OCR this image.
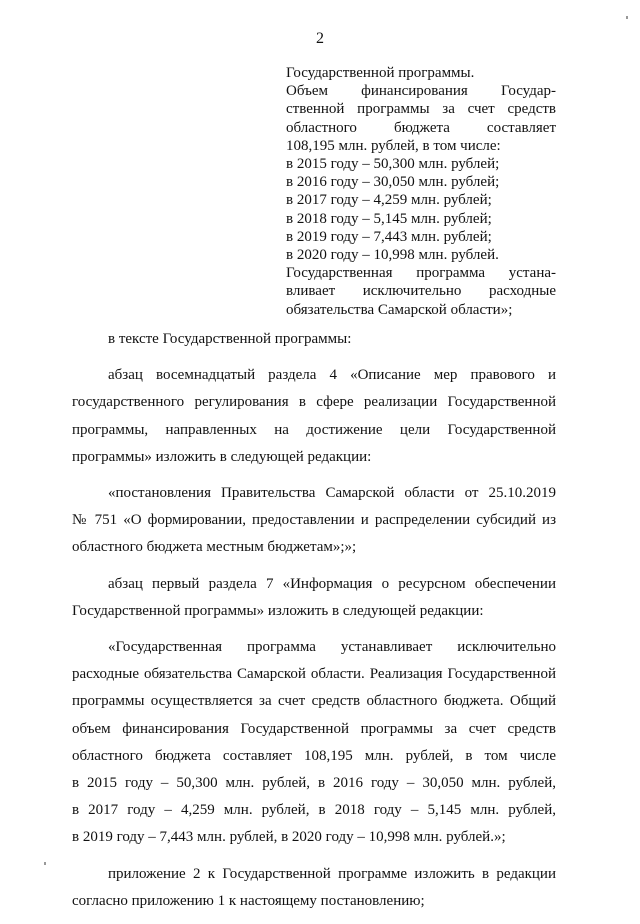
2
Государственной программы.
Объем финансирования Государ-
ственной программы за счет средств
областного бюджета составляет
108,195 млн. рублей, в том числе:
в 2015 году – 50,300 млн. рублей;
в 2016 году – 30,050 млн. рублей;
в 2017 году – 4,259 млн. рублей;
в 2018 году – 5,145 млн. рублей;
в 2019 году – 7,443 млн. рублей;
в 2020 году – 10,998 млн. рублей.
Государственная программа устана-
вливает исключительно расходные
обязательства Самарской области»;

в тексте Государственной программы:

абзац восемнадцатый раздела 4 «Описание мер правового и
государственного регулирования в сфере реализации Государственной
программы, направленных на достижение цели Государственной
программы» изложить в следующей редакции:

«постановления Правительства Самарской области от 25.10.2019
№ 751 «О формировании, предоставлении и распределении субсидий из
областного бюджета местным бюджетам»;»;

абзац первый раздела 7 «Информация о ресурсном обеспечении
Государственной программы» изложить в следующей редакции:

«Государственная программа устанавливает исключительно
расходные обязательства Самарской области. Реализация Государственной
программы осуществляется за счет средств областного бюджета. Общий
объем финансирования Государственной программы за счет средств
областного бюджета составляет 108,195 млн. рублей, в том числе
в 2015 году – 50,300 млн. рублей, в 2016 году – 30,050 млн. рублей,
в 2017 году – 4,259 млн. рублей, в 2018 году – 5,145 млн. рублей,
в 2019 году – 7,443 млн. рублей, в 2020 году – 10,998 млн. рублей.»;

приложение 2 к Государственной программе изложить в редакции
согласно приложению 1 к настоящему постановлению;
